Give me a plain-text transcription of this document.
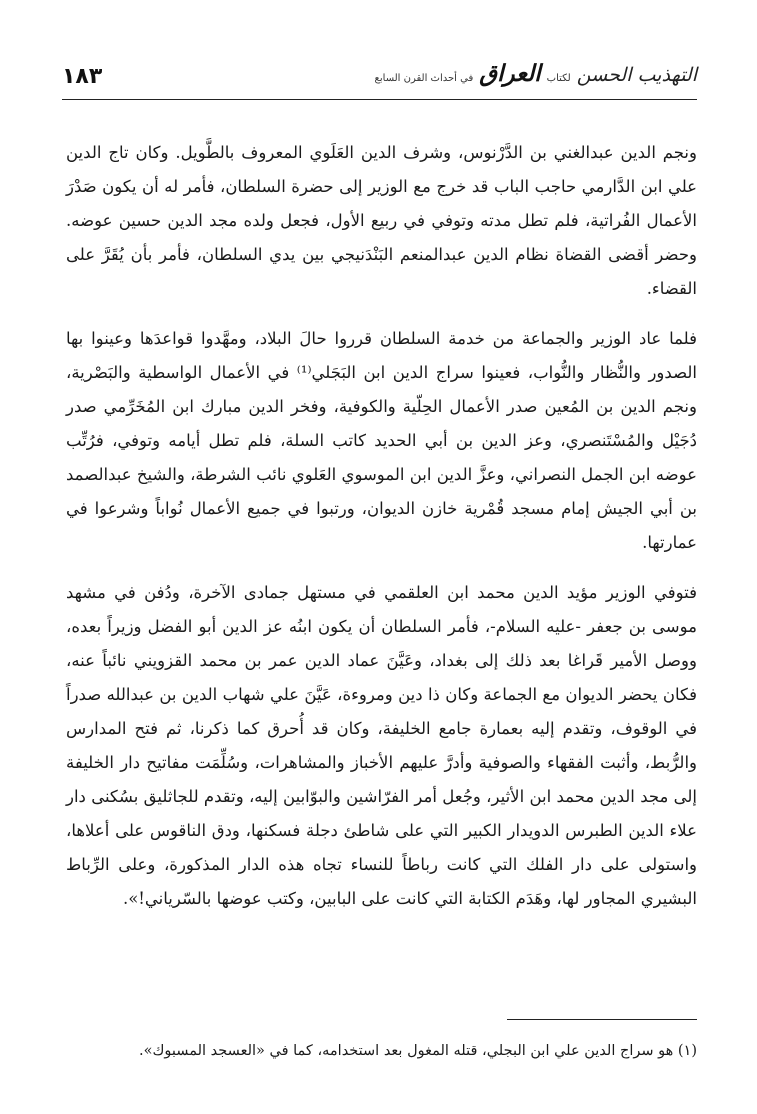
التهذيب الحسن
لكتاب
العراق
في أحداث القرن السابع
١٨٣

ونجم الدين عبدالغني بن الدَّرْنوس، وشرف الدين العَلَوي المعروف بالطَّويل. وكان تاج الدين علي ابن الدَّارمي حاجب الباب قد خرج مع الوزير إلى حضرة السلطان، فأمر له أن يكون صَدْرَ الأعمال الفُراتية، فلم تطل مدته وتوفي في ربيع الأول، فجعل ولده مجد الدين حسين عوضه. وحضر أقضى القضاة نظام الدين عبدالمنعم البَنْدَنيجي بين يدي السلطان، فأمر بأن يُقَرَّ على القضاء.

فلما عاد الوزير والجماعة من خدمة السلطان قرروا حالَ البلاد، ومهَّدوا قواعدَها وعينوا بها الصدور والنُّظار والنُّواب، فعينوا سراج الدين ابن البَجَلي⁽¹⁾ في الأعمال الواسطية والبَصْرية، ونجم الدين بن المُعين صدر الأعمال الحِلّية والكوفية، وفخر الدين مبارك ابن المُخَرِّمي صدر دُجَيْل والمُسْتَنصري، وعز الدين بن أبي الحديد كاتب السلة، فلم تطل أيامه وتوفي، فرُتِّب عوضه ابن الجمل النصراني، وعزَّ الدين ابن الموسوي العَلوي نائب الشرطة، والشيخ عبدالصمد بن أبي الجيش إمام مسجد قُمْرية خازن الديوان، ورتبوا في جميع الأعمال نُواباً وشرعوا في عمارتها.

فتوفي الوزير مؤيد الدين محمد ابن العلقمي في مستهل جمادى الآخرة، ودُفن في مشهد موسى بن جعفر -عليه السلام-، فأمر السلطان أن يكون ابنُه عز الدين أبو الفضل وزيراً بعده، ووصل الأمير قَراغا بعد ذلك إلى بغداد، وعَيَّنَ عماد الدين عمر بن محمد القزويني نائباً عنه، فكان يحضر الديوان مع الجماعة وكان ذا دين ومروءة، عَيَّنَ علي شهاب الدين بن عبدالله صدراً في الوقوف، وتقدم إليه بعمارة جامع الخليفة، وكان قد أُحرق كما ذكرنا، ثم فتح المدارس والرُّبط، وأثبت الفقهاء والصوفية وأدرَّ عليهم الأخباز والمشاهرات، وسُلِّمَت مفاتيح دار الخليفة إلى مجد الدين محمد ابن الأثير، وجُعل أمر الفرّاشين والبوّابين إليه، وتقدم للجاثليق بسُكنى دار علاء الدين الطبرس الدويدار الكبير التي على شاطئ دجلة فسكنها، ودق الناقوس على أعلاها، واستولى على دار الفلك التي كانت رباطاً للنساء تجاه هذه الدار المذكورة، وعلى الرِّباط البشيري المجاور لها، وهَدَم الكتابة التي كانت على البابين، وكتب عوضها بالسّرياني!».

(١) هو سراج الدين علي ابن البجلي، قتله المغول بعد استخدامه، كما في «العسجد المسبوك».
